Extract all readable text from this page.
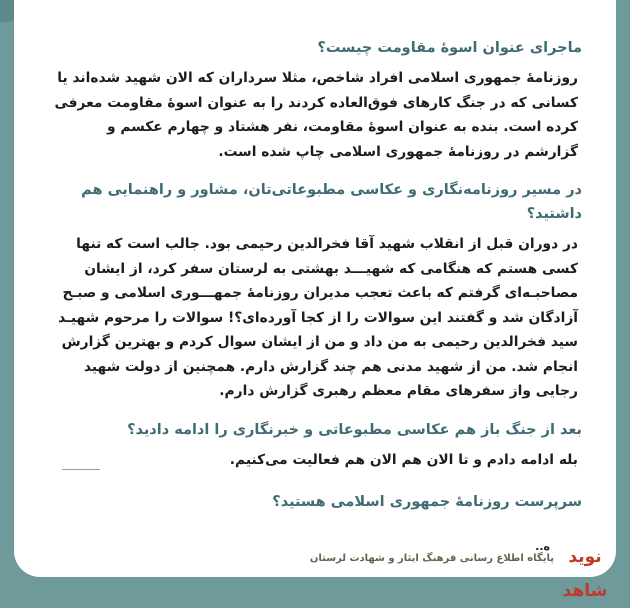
ماجرای عنوان اسوهٔ مقاومت چیست؟

روزنامهٔ جمهوری اسلامی افراد شاخص، مثلا سرداران که الان شهید شده‌اند یا کسانی که در جنگ کارهای فوق‌العاده کردند را به عنوان اسوهٔ مقاومت معرفی کرده است. بنده به عنوان اسوهٔ مقاومت، نفر هشتاد و چهارم عکسم و گزارشم در روزنامهٔ جمهوری اسلامی چاپ شده است.

در مسیر روزنامه‌نگاری و عکاسی مطبوعاتی‌تان، مشاور و راهنمایی هم داشتید؟

در دوران قبل از انقلاب شهید آقا فخرالدین رحیمی بود. جالب است که تنها کسی هستم که هنگامی که شهیـــد بهشتی به لرستان سفر کرد، از ایشان مصاحبـه‌ای گرفتم که باعث تعجب مدیران روزنامهٔ جمهـــوری اسلامی و صبـح آزادگان شد و گفتند این سوالات را از کجا آورده‌ای؟! سوالات را مرحوم شهیـد سید فخرالدین رحیمی به من داد و من از ایشان سوال کردم و بهترین گزارش انجام شد. من از شهید مدنی هم چند گزارش دارم. همچنین از دولت شهید رجایی واز سفرهای مقام معظم رهبری گزارش دارم.

بعد از جنگ باز هم عکاسی مطبوعاتی و خبرنگاری را ادامه دادید؟

بله ادامه دادم و تا الان هم الان هم فعالیت می‌کنیم.

سرپرست روزنامهٔ جمهوری اسلامی هستید؟

..ه
پایگاه اطلاع رسانی فرهنگ ایثار و شهادت لرستان نوید شاهد
